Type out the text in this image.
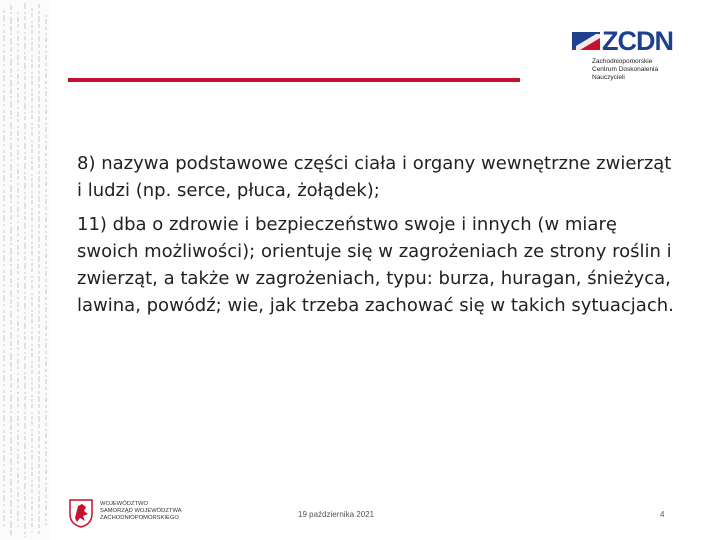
ZCDN
Zachodniopomorskie
Centrum Doskonalenia Nauczycieli

8) nazywa podstawowe części ciała i organy wewnętrzne zwierząt i ludzi (np. serce, płuca, żołądek);

11) dba o zdrowie i bezpieczeństwo swoje i innych (w miarę swoich możliwości); orientuje się w zagrożeniach ze strony roślin i zwierząt, a także w zagrożeniach, typu: burza, huragan, śnieżyca, lawina, powódź; wie, jak trzeba zachować się w takich sytuacjach.

WOJEWÓDZTWO
SAMORZĄD WOJEWÓDZTWA
ZACHODNIOPOMORSKIEGO	19 października 2021	4
